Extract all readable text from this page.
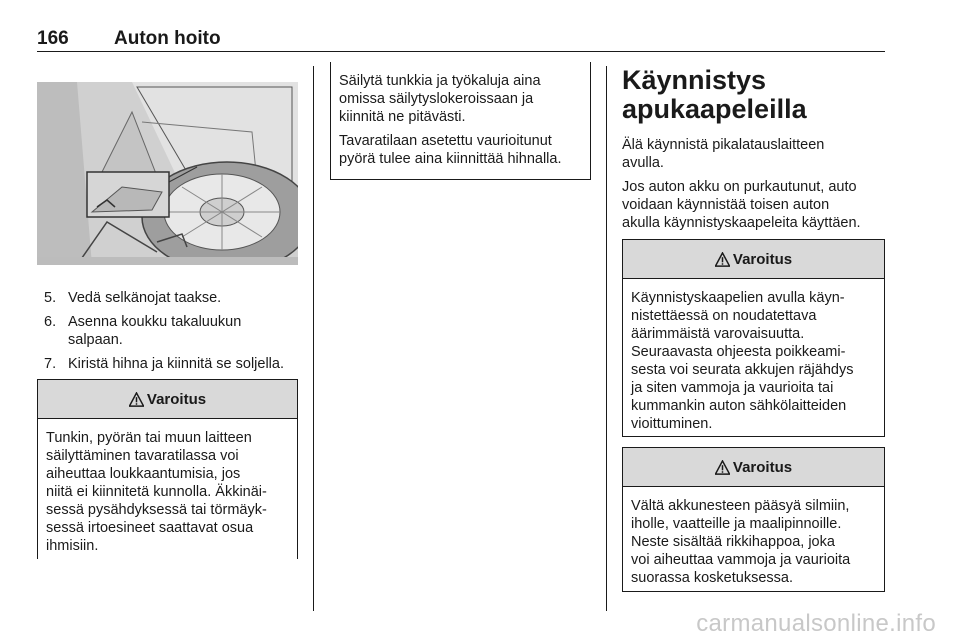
166 Auton hoito
5. Vedä selkänojat taakse.
6. Asenna koukku takaluukun
salpaan.
7. Kiristä hihna ja kiinnitä se soljella.
Varoitus
Tunkin, pyörän tai muun laitteen
säilyttäminen tavaratilassa voi
aiheuttaa loukkaantumisia, jos
niitä ei kiinnitetä kunnolla. Äkkinäi-
sessä pysähdyksessä tai törmäyk-
sessä irtoesineet saattavat osua
ihmisiin.
Säilytä tunkkia ja työkaluja aina
omissa säilytyslokeroissaan ja
kiinnitä ne pitävästi.
Tavaratilaan asetettu vaurioitunut
pyörä tulee aina kiinnittää hihnalla.
Käynnistys
apukaapeleilla
Älä käynnistä pikalatauslaitteen
avulla.
Jos auton akku on purkautunut, auto
voidaan käynnistää toisen auton
akulla käynnistyskaapeleita käyttäen.
Varoitus
Käynnistyskaapelien avulla käyn-
nistettäessä on noudatettava
äärimmäistä varovaisuutta.
Seuraavasta ohjeesta poikkeami-
sesta voi seurata akkujen räjähdys
ja siten vammoja ja vaurioita tai
kummankin auton sähkölaitteiden
vioittuminen.
Varoitus
Vältä akkunesteen pääsyä silmiin,
iholle, vaatteille ja maalipinnoille.
Neste sisältää rikkihappoa, joka
voi aiheuttaa vammoja ja vaurioita
suorassa kosketuksessa.
carmanualsonline.info
